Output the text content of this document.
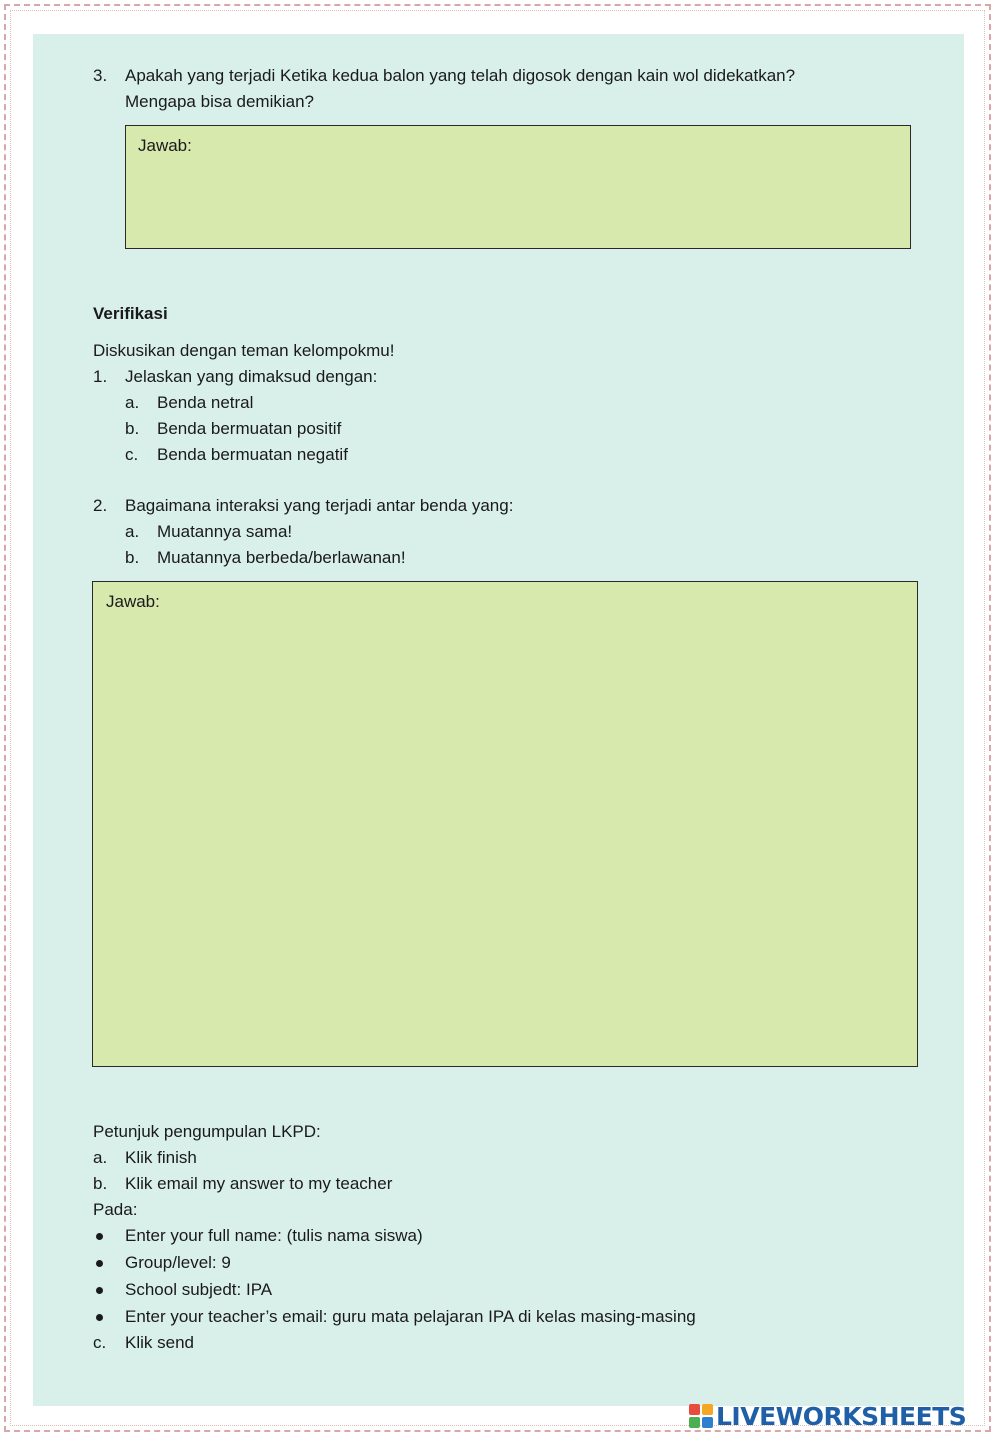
3. Apakah yang terjadi Ketika kedua balon yang telah digosok dengan kain wol didekatkan?
Mengapa bisa demikian?
Jawab:
Verifikasi
Diskusikan dengan teman kelompokmu!
1. Jelaskan yang dimaksud dengan:
a. Benda netral
b. Benda bermuatan positif
c. Benda bermuatan negatif
2. Bagaimana interaksi yang terjadi antar benda yang:
a. Muatannya sama!
b. Muatannya berbeda/berlawanan!
Jawab:
Petunjuk pengumpulan LKPD:
a. Klik finish
b. Klik email my answer to my teacher
Pada:
Enter your full name: (tulis nama siswa)
Group/level: 9
School subjedt: IPA
Enter your teacher’s email: guru mata pelajaran IPA di kelas masing-masing
c. Klik send
LIVEWORKSHEETS
